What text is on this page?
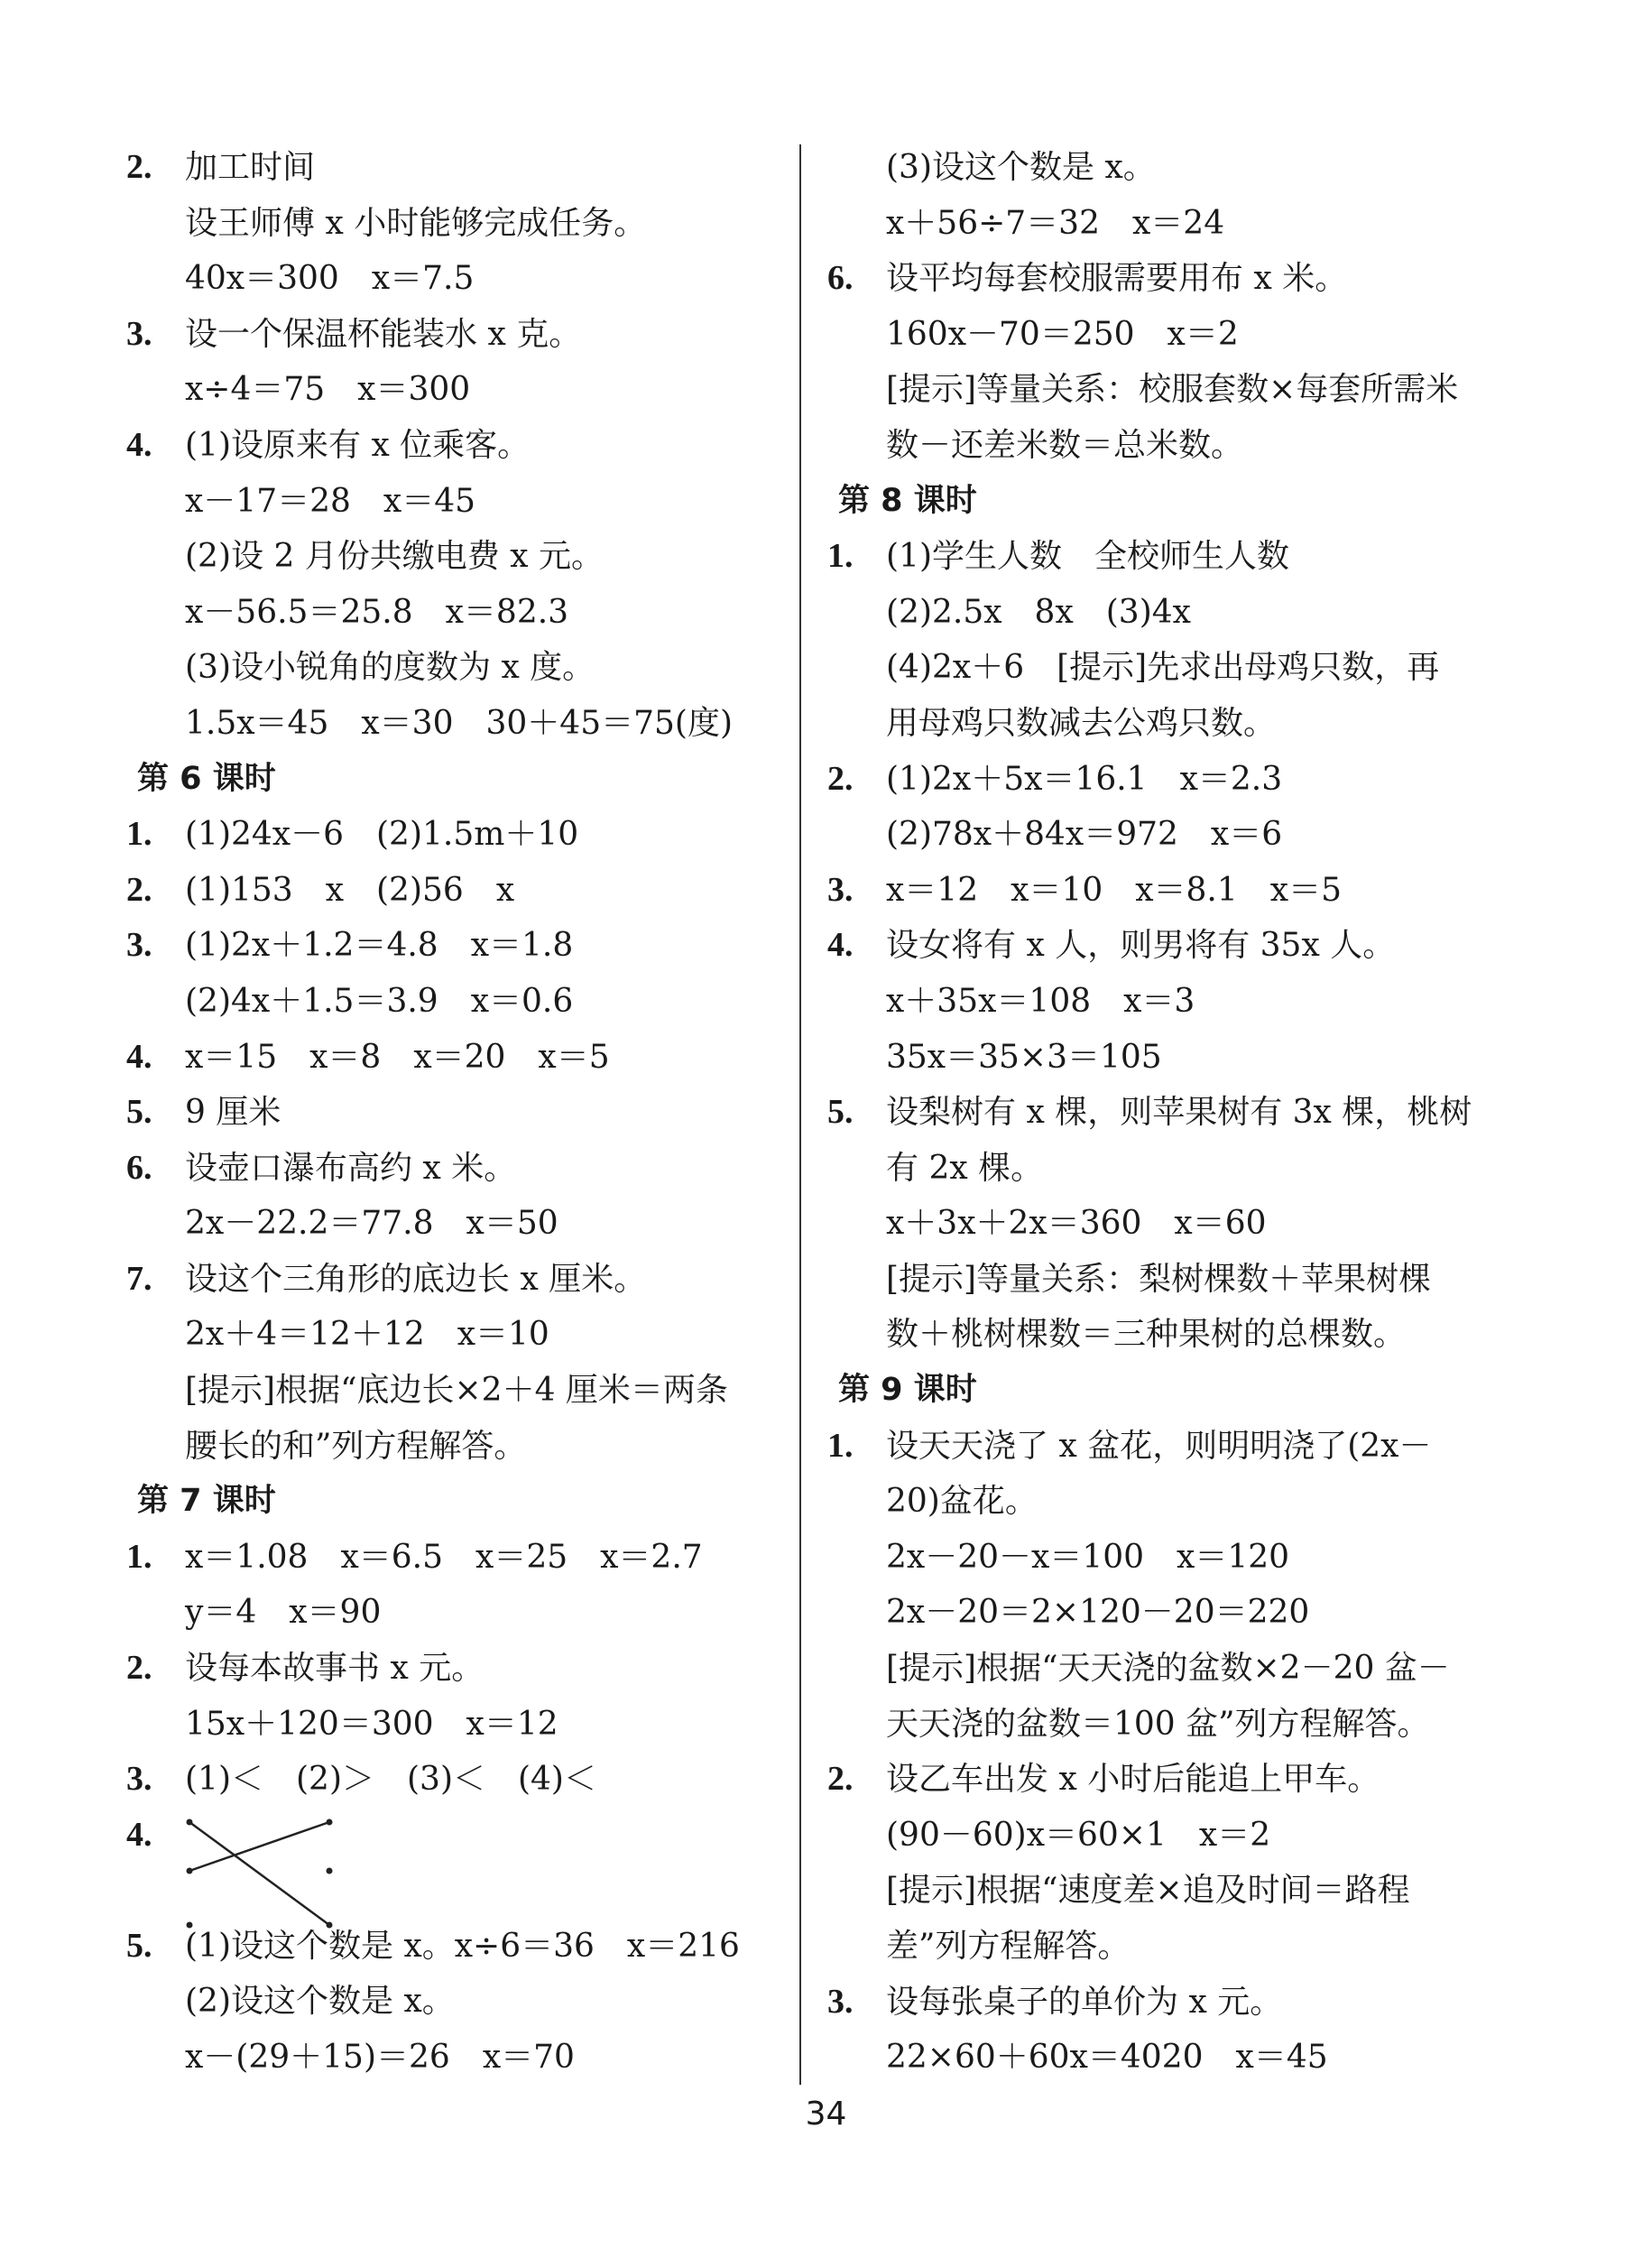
2. 加工时间
设王师傅 x 小时能够完成任务。
40x＝300　x＝7.5
3. 设一个保温杯能装水 x 克。
x÷4＝75　x＝300
4. (1)设原来有 x 位乘客。
x－17＝28　x＝45
(2)设 2 月份共缴电费 x 元。
x－56.5＝25.8　x＝82.3
(3)设小锐角的度数为 x 度。
1.5x＝45　x＝30　30＋45＝75(度)
第 6 课时
1. (1)24x－6　(2)1.5m＋10
2. (1)153　x　(2)56　x
3. (1)2x＋1.2＝4.8　x＝1.8
(2)4x＋1.5＝3.9　x＝0.6
4. x＝15　x＝8　x＝20　x＝5
5. 9 厘米
6. 设壶口瀑布高约 x 米。
2x－22.2＝77.8　x＝50
7. 设这个三角形的底边长 x 厘米。
2x＋4＝12＋12　x＝10
[提示]根据“底边长×2＋4 厘米＝两条
腰长的和”列方程解答。
第 7 课时
1. x＝1.08　x＝6.5　x＝25　x＝2.7
y＝4　x＝90
2. 设每本故事书 x 元。
15x＋120＝300　x＝12
3. (1)＜　(2)＞　(3)＜　(4)＜
4.
5. (1)设这个数是 x。x÷6＝36　x＝216
(2)设这个数是 x。
x－(29＋15)＝26　x＝70
(3)设这个数是 x。
x＋56÷7＝32　x＝24
6. 设平均每套校服需要用布 x 米。
160x－70＝250　x＝2
[提示]等量关系：校服套数×每套所需米
数－还差米数＝总米数。
第 8 课时
1. (1)学生人数　全校师生人数
(2)2.5x　8x　(3)4x
(4)2x＋6　[提示]先求出母鸡只数，再
用母鸡只数减去公鸡只数。
2. (1)2x＋5x＝16.1　x＝2.3
(2)78x＋84x＝972　x＝6
3. x＝12　x＝10　x＝8.1　x＝5
4. 设女将有 x 人，则男将有 35x 人。
x＋35x＝108　x＝3
35x＝35×3＝105
5. 设梨树有 x 棵，则苹果树有 3x 棵，桃树
有 2x 棵。
x＋3x＋2x＝360　x＝60
[提示]等量关系：梨树棵数＋苹果树棵
数＋桃树棵数＝三种果树的总棵数。
第 9 课时
1. 设天天浇了 x 盆花，则明明浇了(2x－
20)盆花。
2x－20－x＝100　x＝120
2x－20＝2×120－20＝220
[提示]根据“天天浇的盆数×2－20 盆－
天天浇的盆数＝100 盆”列方程解答。
2. 设乙车出发 x 小时后能追上甲车。
(90－60)x＝60×1　x＝2
[提示]根据“速度差×追及时间＝路程
差”列方程解答。
3. 设每张桌子的单价为 x 元。
22×60＋60x＝4020　x＝45
34
